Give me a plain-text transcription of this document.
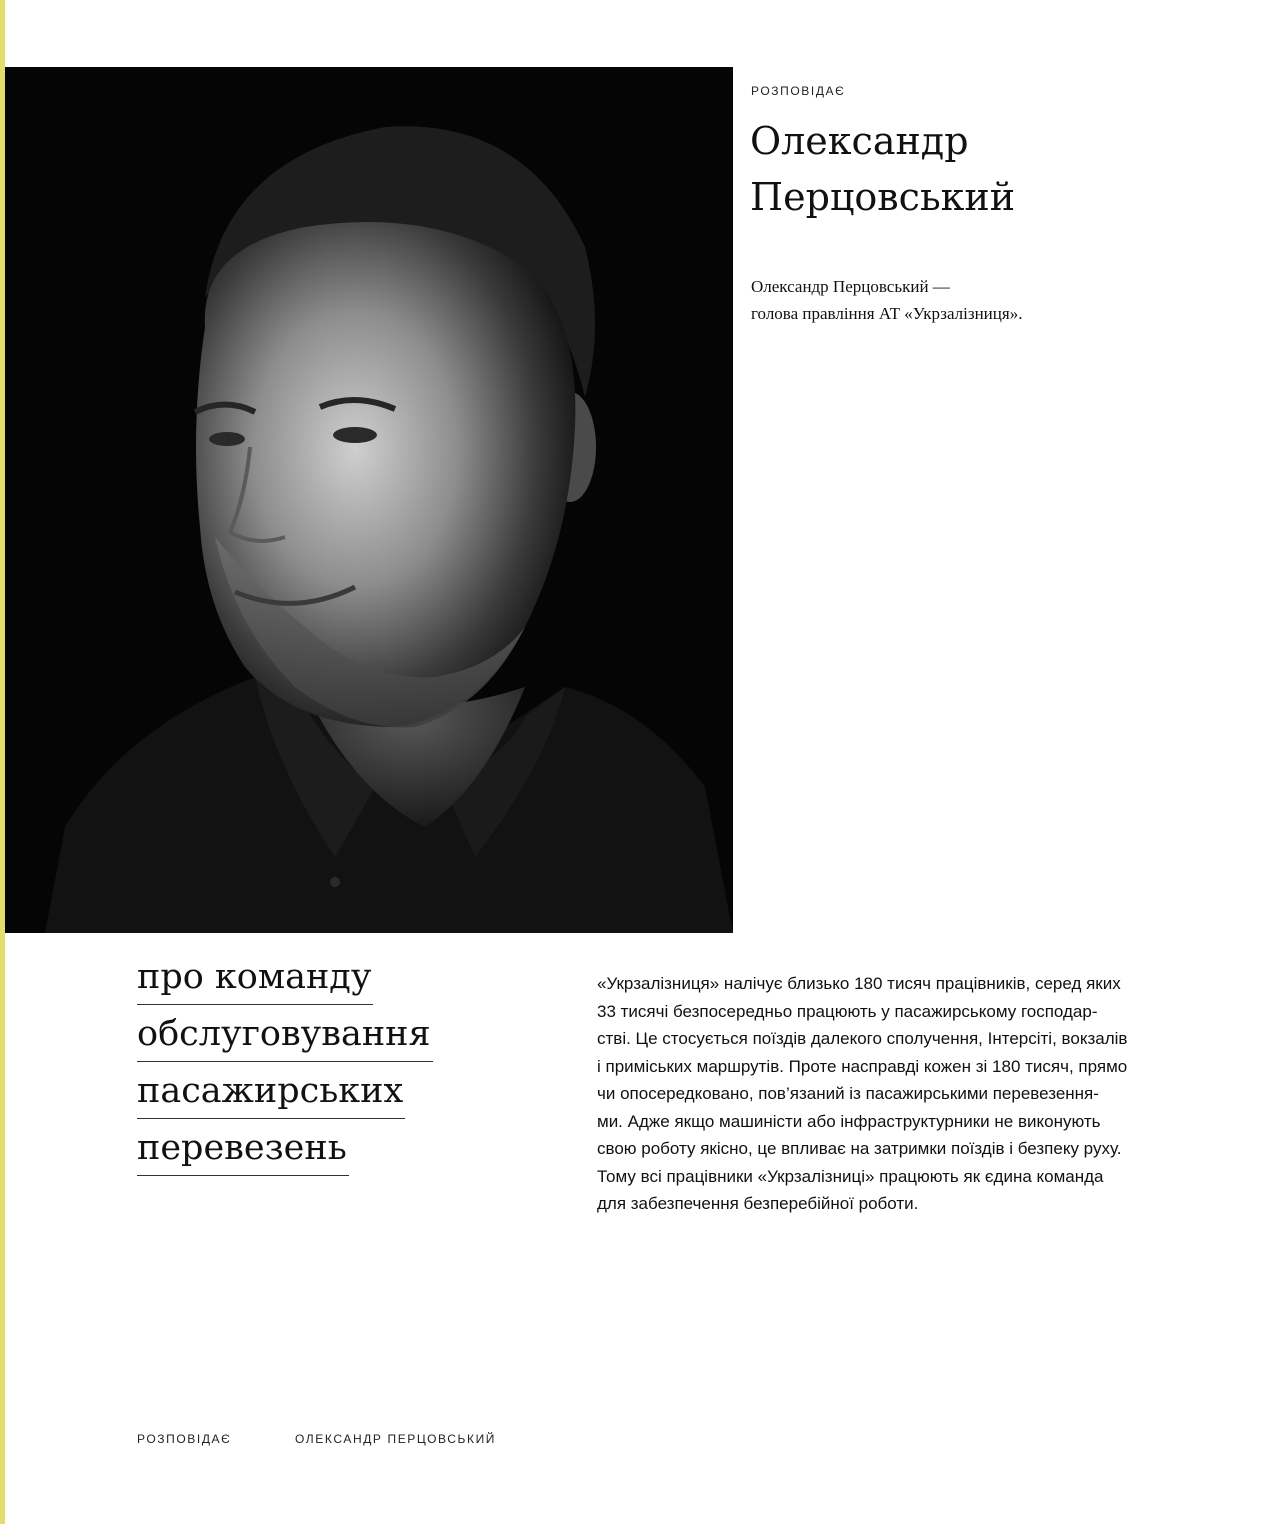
РОЗПОВІДАЄ
Олександр
Перцовський
Олександр Перцовський —
голова правління АТ «Укрзалізниця».
про команду
обслуговування
пасажирських
перевезень
«Укрзалізниця» налічує близько 180 тисяч працівників, серед яких
33 тисячі безпосередньо працюють у пасажирському господар-
стві. Це стосується поїздів далекого сполучення, Інтерсіті, вокзалів
і приміських маршрутів. Проте насправді кожен зі 180 тисяч, прямо
чи опосередковано, пов’язаний із пасажирськими перевезення-
ми. Адже якщо машиністи або інфраструктурники не виконують
свою роботу якісно, це впливає на затримки поїздів і безпеку руху.
Тому всі працівники «Укрзалізниці» працюють як єдина команда
для забезпечення безперебійної роботи.
РОЗПОВІДАЄ	ОЛЕКСАНДР ПЕРЦОВСЬКИЙ
